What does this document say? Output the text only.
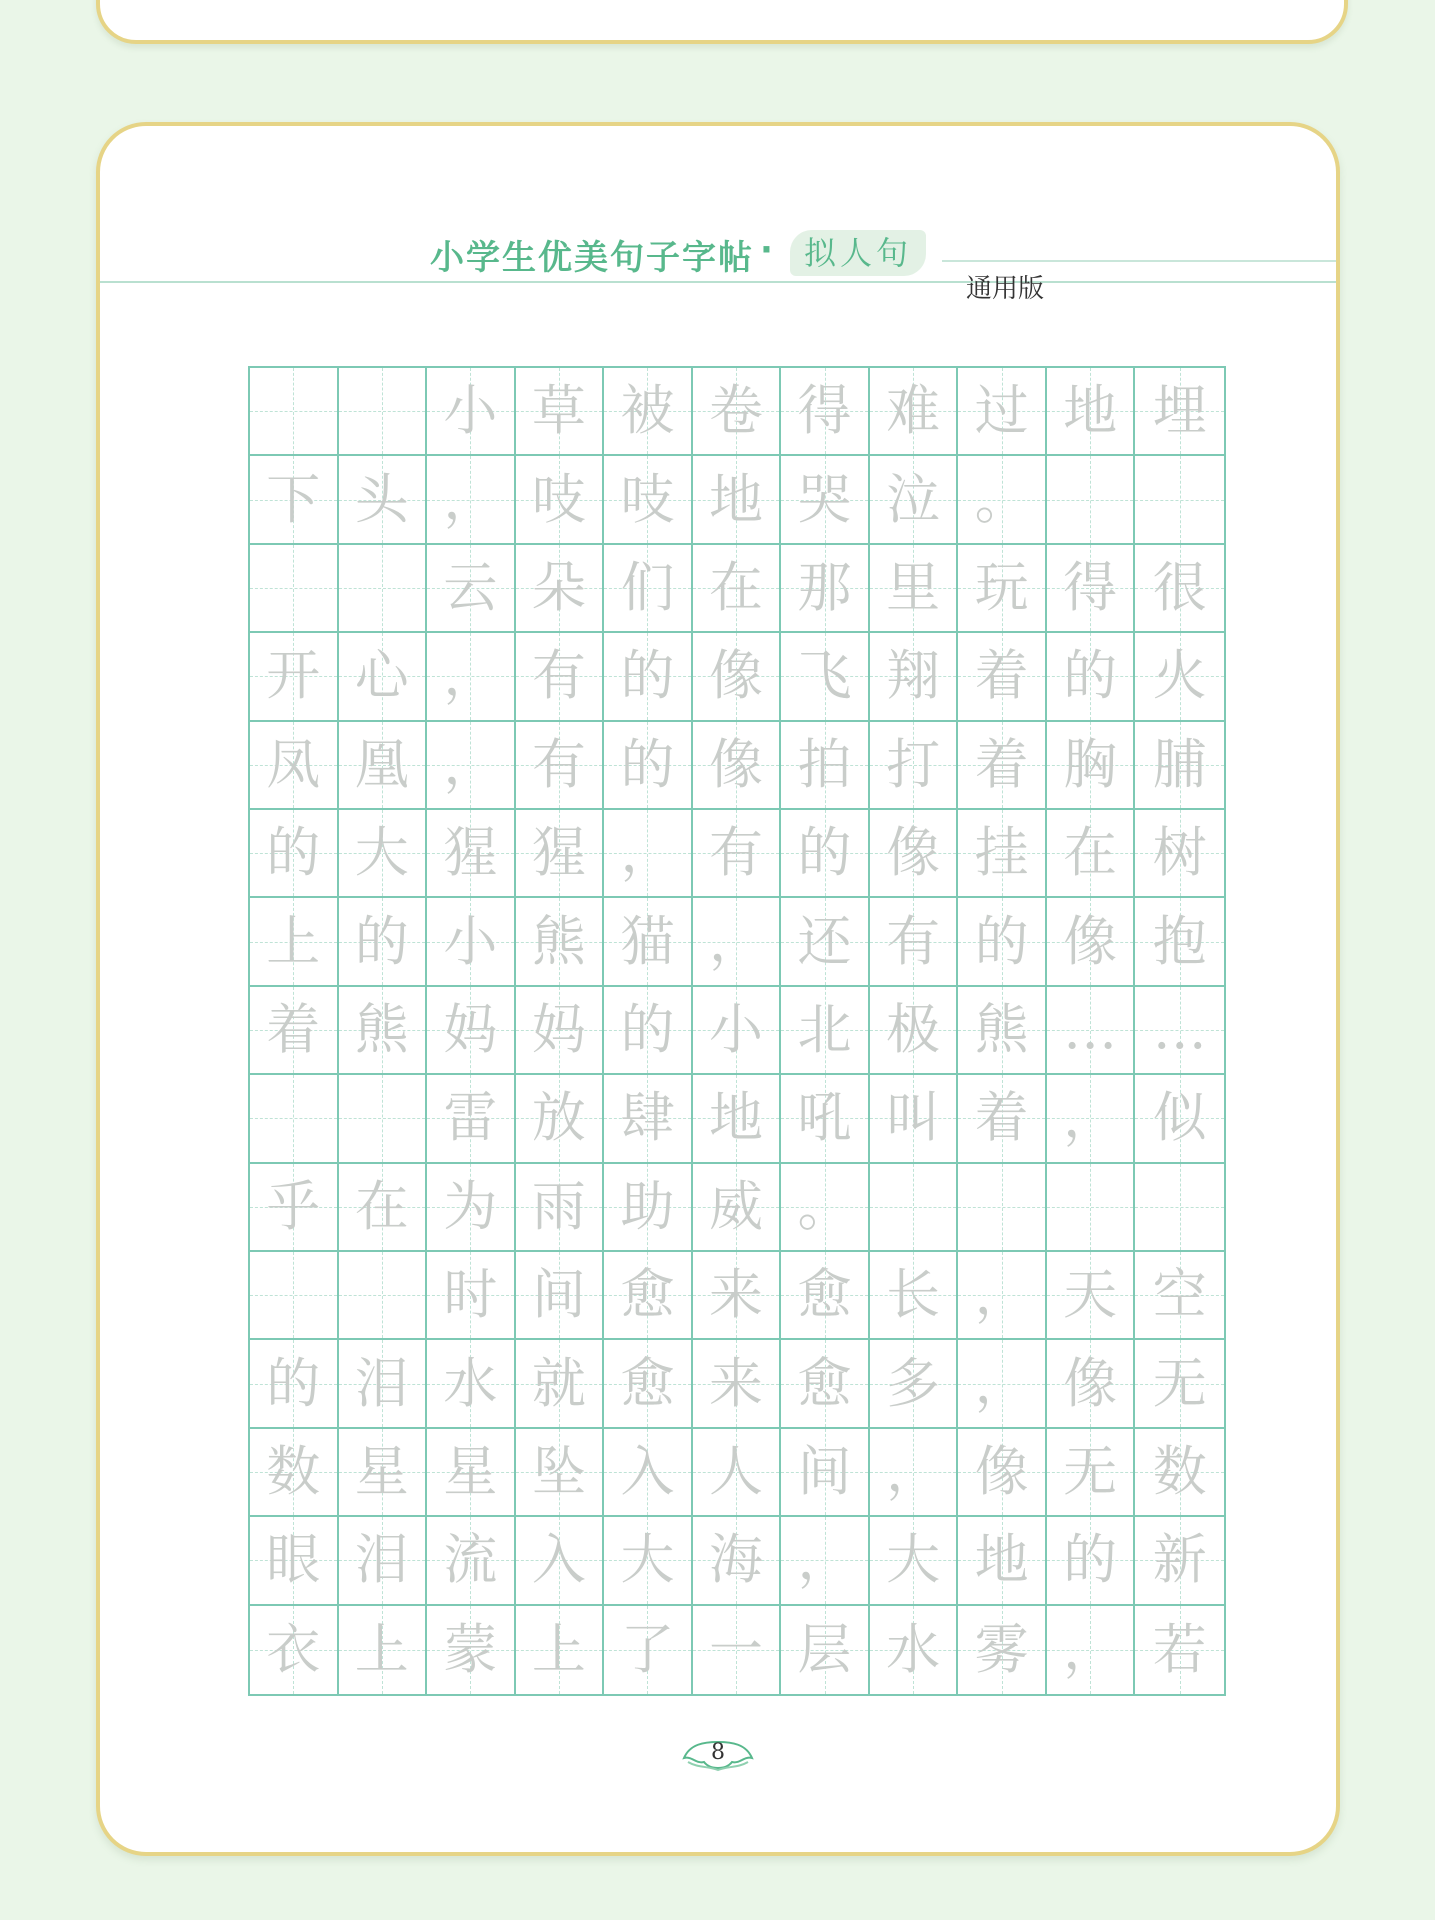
小学生优美句子字帖 · 拟人句
通用版
小 草 被 卷 得 难 过 地 埋
下 头 ， 吱 吱 地 哭 泣 。
云 朵 们 在 那 里 玩 得 很
开 心 ， 有 的 像 飞 翔 着 的 火
凤 凰 ， 有 的 像 拍 打 着 胸 脯
的 大 猩 猩 ， 有 的 像 挂 在 树
上 的 小 熊 猫 ， 还 有 的 像 抱
着 熊 妈 妈 的 小 北 极 熊 … …
雷 放 肆 地 吼 叫 着 ， 似
乎 在 为 雨 助 威 。
时 间 愈 来 愈 长 ， 天 空
的 泪 水 就 愈 来 愈 多 ， 像 无
数 星 星 坠 入 人 间 ， 像 无 数
眼 泪 流 入 大 海 ， 大 地 的 新
衣 上 蒙 上 了 一 层 水 雾 ， 若
8
